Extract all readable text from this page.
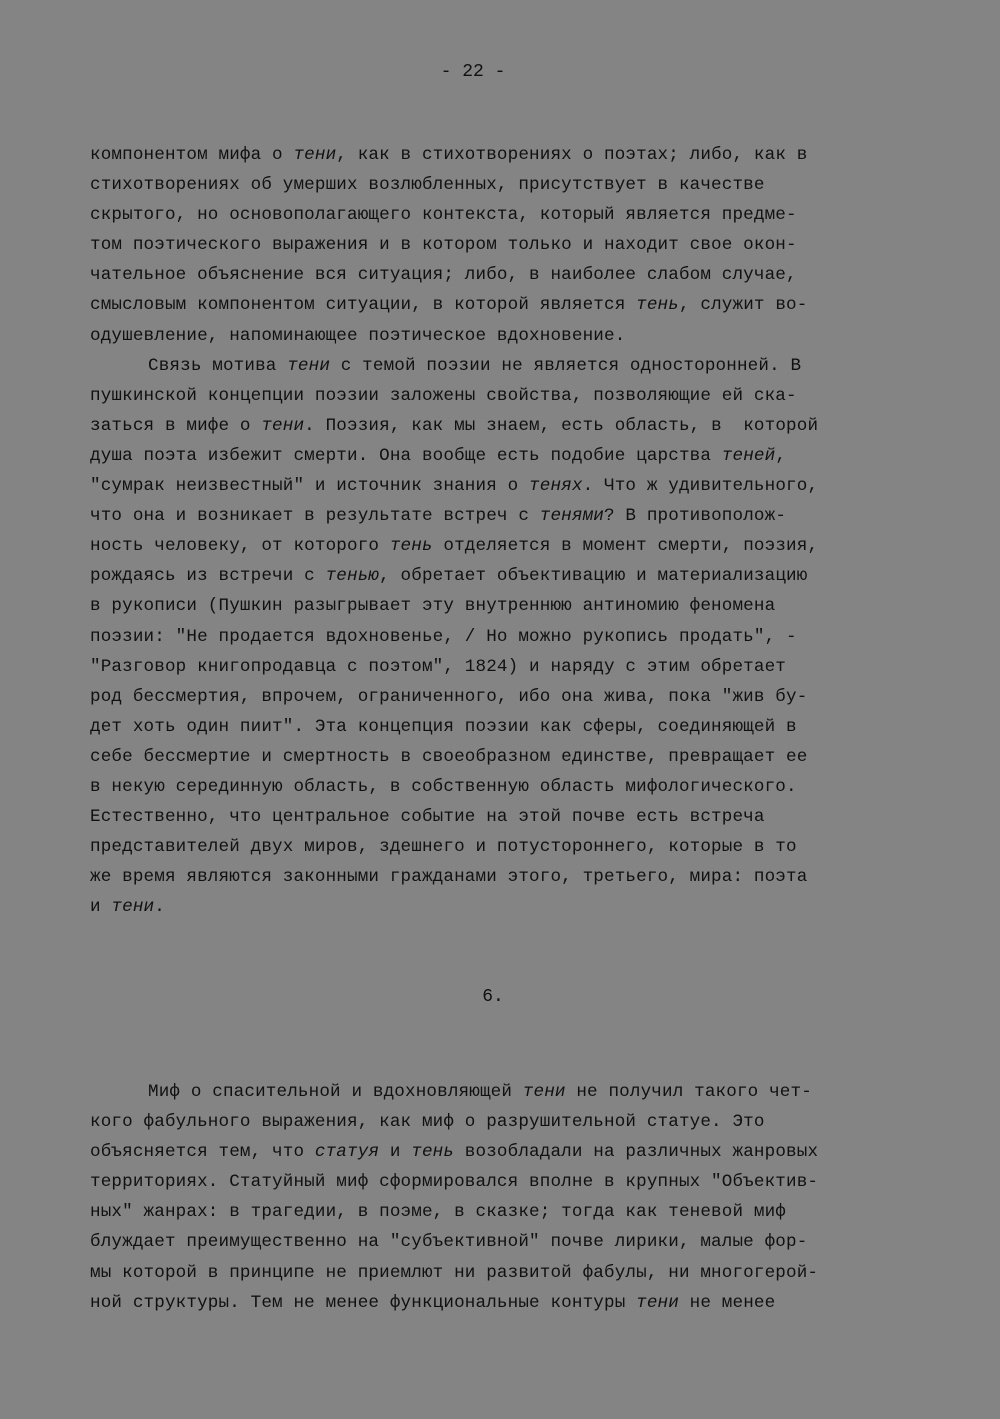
- 22 -
компонентом мифа о тени, как в стихотворениях о поэтах; либо, как в
стихотворениях об умерших возлюбленных, присутствует в качестве
скрытого, но основополагающего контекста, который является предме-
том поэтического выражения и в котором только и находит свое окон-
чательное объяснение вся ситуация; либо, в наиболее слабом случае,
смысловым компонентом ситуации, в которой является тень, служит во-
одушевление, напоминающее поэтическое вдохновение.
Связь мотива тени с темой поэзии не является односторонней. В
пушкинской концепции поэзии заложены свойства, позволяющие ей ска-
заться в мифе о тени. Поэзия, как мы знаем, есть область, в  которой
душа поэта избежит смерти. Она вообще есть подобие царства теней,
"сумрак неизвестный" и источник знания о тенях. Что ж удивительного,
что она и возникает в результате встреч с тенями? В противополож-
ность человеку, от которого тень отделяется в момент смерти, поэзия,
рождаясь из встречи с тенью, обретает объективацию и материализацию
в рукописи (Пушкин разыгрывает эту внутреннюю антиномию феномена
поэзии: "Не продается вдохновенье, / Но можно рукопись продать", -
"Разговор книгопродавца с поэтом", 1824) и наряду с этим обретает
род бессмертия, впрочем, ограниченного, ибо она жива, пока "жив бу-
дет хоть один пиит". Эта концепция поэзии как сферы, соединяющей в
себе бессмертие и смертность в своеобразном единстве, превращает ее
в некую серединную область, в собственную область мифологического.
Естественно, что центральное событие на этой почве есть встреча
представителей двух миров, здешнего и потустороннего, которые в то
же время являются законными гражданами этого, третьего, мира: поэта
и тени.
6.
Миф о спасительной и вдохновляющей тени не получил такого чет-
кого фабульного выражения, как миф о разрушительной статуе. Это
объясняется тем, что статуя и тень возобладали на различных жанровых
территориях. Статуйный миф сформировался вполне в крупных "Объектив-
ных" жанрах: в трагедии, в поэме, в сказке; тогда как теневой миф
блуждает преимущественно на "субъективной" почве лирики, малые фор-
мы которой в принципе не приемлют ни развитой фабулы, ни многогерой-
ной структуры. Тем не менее функциональные контуры тени не менее
